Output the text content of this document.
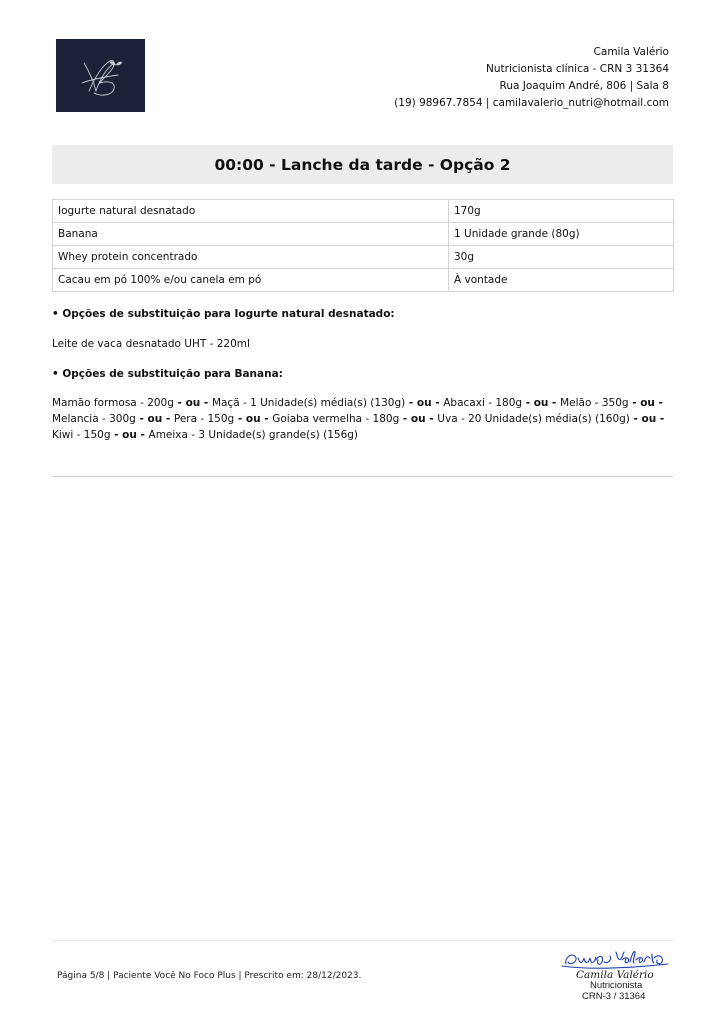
Camila Valério
Nutricionista clínica - CRN 3 31364
Rua Joaquim André, 806 | Sala 8
(19) 98967.7854 | camilavalerio_nutri@hotmail.com
00:00 - Lanche da tarde - Opção 2
Iogurte natural desnatado	170g
Banana	1 Unidade grande (80g)
Whey protein concentrado	30g
Cacau em pó 100% e/ou canela em pó	À vontade
• Opções de substituição para Iogurte natural desnatado:

Leite de vaca desnatado UHT - 220ml

• Opções de substituição para Banana:

Mamão formosa - 200g - ou - Maçã - 1 Unidade(s) média(s) (130g) - ou - Abacaxi - 180g - ou - Melão - 350g - ou - Melancia - 300g - ou - Pera - 150g - ou - Goiaba vermelha - 180g - ou - Uva - 20 Unidade(s) média(s) (160g) - ou - Kiwi - 150g - ou - Ameixa - 3 Unidade(s) grande(s) (156g)

Página 5/8 | Paciente Você No Foco Plus | Prescrito em: 28/12/2023.	Camila Valério
Nutricionista
CRN-3 / 31364
